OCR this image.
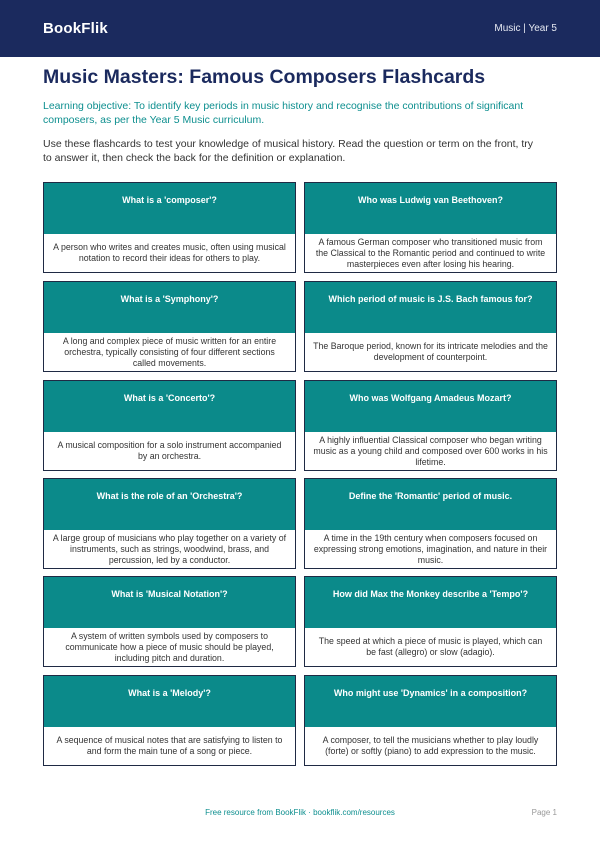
BookFlik	Music | Year 5
Music Masters: Famous Composers Flashcards

Learning objective: To identify key periods in music history and recognise the contributions of significant composers, as per the Year 5 Music curriculum.

Use these flashcards to test your knowledge of musical history. Read the question or term on the front, try to answer it, then check the back for the definition or explanation.

What is a 'composer'?
A person who writes and creates music, often using musical notation to record their ideas for others to play.
Who was Ludwig van Beethoven?
A famous German composer who transitioned music from the Classical to the Romantic period and continued to write masterpieces even after losing his hearing.
What is a 'Symphony'?
A long and complex piece of music written for an entire orchestra, typically consisting of four different sections called movements.
Which period of music is J.S. Bach famous for?
The Baroque period, known for its intricate melodies and the development of counterpoint.
What is a 'Concerto'?
A musical composition for a solo instrument accompanied by an orchestra.
Who was Wolfgang Amadeus Mozart?
A highly influential Classical composer who began writing music as a young child and composed over 600 works in his lifetime.
What is the role of an 'Orchestra'?
A large group of musicians who play together on a variety of instruments, such as strings, woodwind, brass, and percussion, led by a conductor.
Define the 'Romantic' period of music.
A time in the 19th century when composers focused on expressing strong emotions, imagination, and nature in their music.
What is 'Musical Notation'?
A system of written symbols used by composers to communicate how a piece of music should be played, including pitch and duration.
How did Max the Monkey describe a 'Tempo'?
The speed at which a piece of music is played, which can be fast (allegro) or slow (adagio).
What is a 'Melody'?
A sequence of musical notes that are satisfying to listen to and form the main tune of a song or piece.
Who might use 'Dynamics' in a composition?
A composer, to tell the musicians whether to play loudly (forte) or softly (piano) to add expression to the music.
Free resource from BookFlik · bookflik.com/resources	Page 1
